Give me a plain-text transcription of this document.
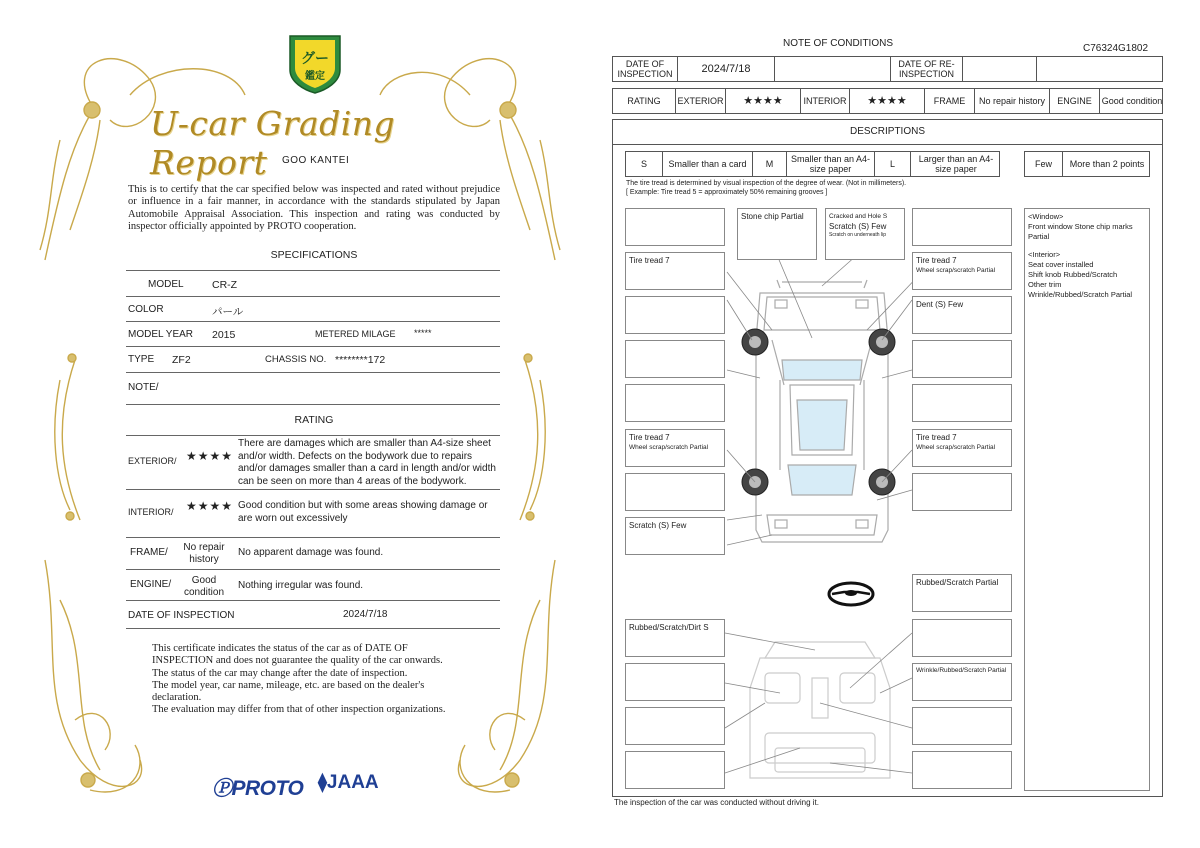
グー
鑑定
U-car Grading Report	GOO KANTEI
This is to certify that the car specified below was inspected and rated without prejudice or influence in a fair manner, in accordance with the standards stipulated by Japan Automobile Appraisal Association. This inspection and rating was conducted by inspector officially appointed by PROTO cooperation.
SPECIFICATIONS
MODEL	CR-Z
COLOR	パール
MODEL YEAR 2015	METERED MILAGE *****
TYPE ZF2	CHASSIS NO. ********172
NOTE/
RATING
EXTERIOR/ ★★★★
There are damages which are smaller than A4-size sheet and/or width. Defects on the bodywork due to repairs and/or damages smaller than a card in length and/or width can be seen on more than 4 areas of the bodywork.
INTERIOR/ ★★★★ Good condition but with some areas showing damage or are worn out excessively
FRAME/	No repair history
No apparent damage was found.
ENGINE/	Good condition
Nothing irregular was found.
DATE OF INSPECTION	2024/7/18
This certificate indicates the status of the car as of DATE OF
INSPECTION and does not guarantee the quality of the car onwards.
The status of the car may change after the date of inspection.
The model year, car name, mileage, etc. are based on the dealer's
declaration.
The evaluation may differ from that of other inspection organizations.
ⓅPROTO ⧫JAAA
NOTE OF CONDITIONS	C76324G1802
DATE OF INSPECTION	2024/7/18	DATE OF RE-INSPECTION
RATING	EXTERIOR	★★★★	INTERIOR	★★★★	FRAME	No repair history	ENGINE	Good condition
DESCRIPTIONS
S	Smaller than a card	M	Smaller than an A4-size paper	L	Larger than an A4-size paper	Few	More than 2 points
The tire tread is determined by visual inspection of the degree of wear. (Not in millimeters).
[ Example: Tire tread 5 = approximately 50% remaining grooves ]
Stone chip Partial	Cracked and Hole S
Scratch (S) Few
Scratch on underneath lip
Tire tread 7	Tire tread 7
Wheel scrap/scratch Partial
Dent (S) Few
Tire tread 7
Wheel scrap/scratch Partial
Tire tread 7
Wheel scrap/scratch Partial
Scratch (S) Few
Rubbed/Scratch Partial
Rubbed/Scratch/Dirt S
Wrinkle/Rubbed/Scratch Partial
<Window>
Front window Stone chip marks Partial
<Interior>
Seat cover installed
Shift knob Rubbed/Scratch
Other trim
Wrinkle/Rubbed/Scratch Partial
The inspection of the car was conducted without driving it.
